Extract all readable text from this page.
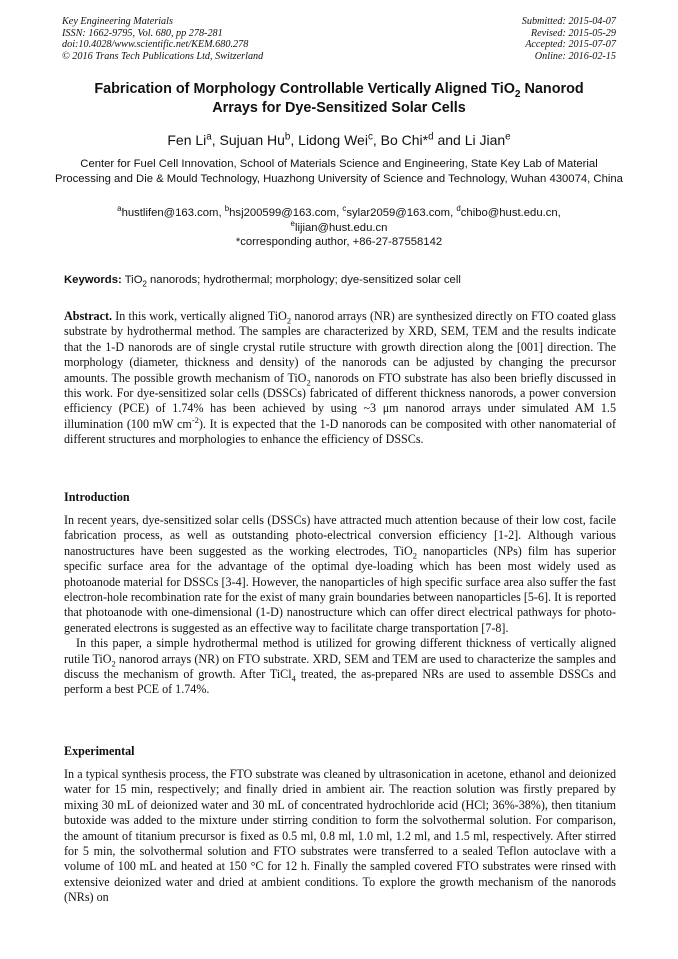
Key Engineering Materials
ISSN: 1662-9795, Vol. 680, pp 278-281
doi:10.4028/www.scientific.net/KEM.680.278
© 2016 Trans Tech Publications Ltd, Switzerland
Submitted: 2015-04-07
Revised: 2015-05-29
Accepted: 2015-07-07
Online: 2016-02-15
Fabrication of Morphology Controllable Vertically Aligned TiO$_2$ Nanorod
Arrays for Dye-Sensitized Solar Cells
Fen Li$^a$, Sujuan Hu$^b$, Lidong Wei$^c$, Bo Chi*$^d$ and Li Jian$^e$
Center for Fuel Cell Innovation, School of Materials Science and Engineering, State Key Lab of Material Processing and Die & Mould Technology, Huazhong University of Science and Technology, Wuhan 430074, China
$^a$hustlifen@163.com, $^b$hsj200599@163.com, $^c$sylar2059@163.com, $^d$chibo@hust.edu.cn,
$^e$lijian@hust.edu.cn
*corresponding author, +86-27-87558142
Keywords: TiO$_2$ nanorods; hydrothermal; morphology; dye-sensitized solar cell

Abstract. In this work, vertically aligned TiO$_2$ nanorod arrays (NR) are synthesized directly on FTO coated glass substrate by hydrothermal method. The samples are characterized by XRD, SEM, TEM and the results indicate that the 1-D nanorods are of single crystal rutile structure with growth direction along the [001] direction. The morphology (diameter, thickness and density) of the nanorods can be adjusted by changing the precursor amounts. The possible growth mechanism of TiO$_2$ nanorods on FTO substrate has also been briefly discussed in this work. For dye-sensitized solar cells (DSSCs) fabricated of different thickness nanorods, a power conversion efficiency (PCE) of 1.74% has been achieved by using ~3 μm nanorod arrays under simulated AM 1.5 illumination (100 mW $cm^{-2}$). It is expected that the 1-D nanorods can be composited with other nanomaterial of different structures and morphologies to enhance the efficiency of DSSCs.

Introduction

In recent years, dye-sensitized solar cells (DSSCs) have attracted much attention because of their low cost, facile fabrication process, as well as outstanding photo-electrical conversion efficiency [1-2]. Although various nanostructures have been suggested as the working electrodes, TiO$_2$ nanoparticles (NPs) film has superior specific surface area for the advantage of the optimal dye-loading which has been most widely used as photoanode material for DSSCs [3-4]. However, the nanoparticles of high specific surface area also suffer the fast electron-hole recombination rate for the exist of many grain boundaries between nanoparticles [5-6]. It is reported that photoanode with one-dimensional (1-D) nanostructure which can offer direct electrical pathways for photo-generated electrons is suggested as an effective way to facilitate charge transportation [7-8].

In this paper, a simple hydrothermal method is utilized for growing different thickness of vertically aligned rutile TiO$_2$ nanorod arrays (NR) on FTO substrate. XRD, SEM and TEM are used to characterize the samples and discuss the mechanism of growth. After TiCl$_4$ treated, the as-prepared NRs are used to assemble DSSCs and perform a best PCE of 1.74%.

Experimental

In a typical synthesis process, the FTO substrate was cleaned by ultrasonication in acetone, ethanol and deionized water for 15 min, respectively; and finally dried in ambient air. The reaction solution was firstly prepared by mixing 30 mL of deionized water and 30 mL of concentrated hydrochloride acid (HCl; 36%-38%), then titanium butoxide was added to the mixture under stirring condition to form the solvothermal solution. For comparison, the amount of titanium precursor is fixed as 0.5 ml, 0.8 ml, 1.0 ml, 1.2 ml, and 1.5 ml, respectively. After stirred for 5 min, the solvothermal solution and FTO substrates were transferred to a sealed Teflon autoclave with a volume of 100 mL and heated at 150 °C for 12 h. Finally the sampled covered FTO substrates were rinsed with extensive deionized water and dried at ambient conditions. To explore the growth mechanism of the nanorods (NRs) on
